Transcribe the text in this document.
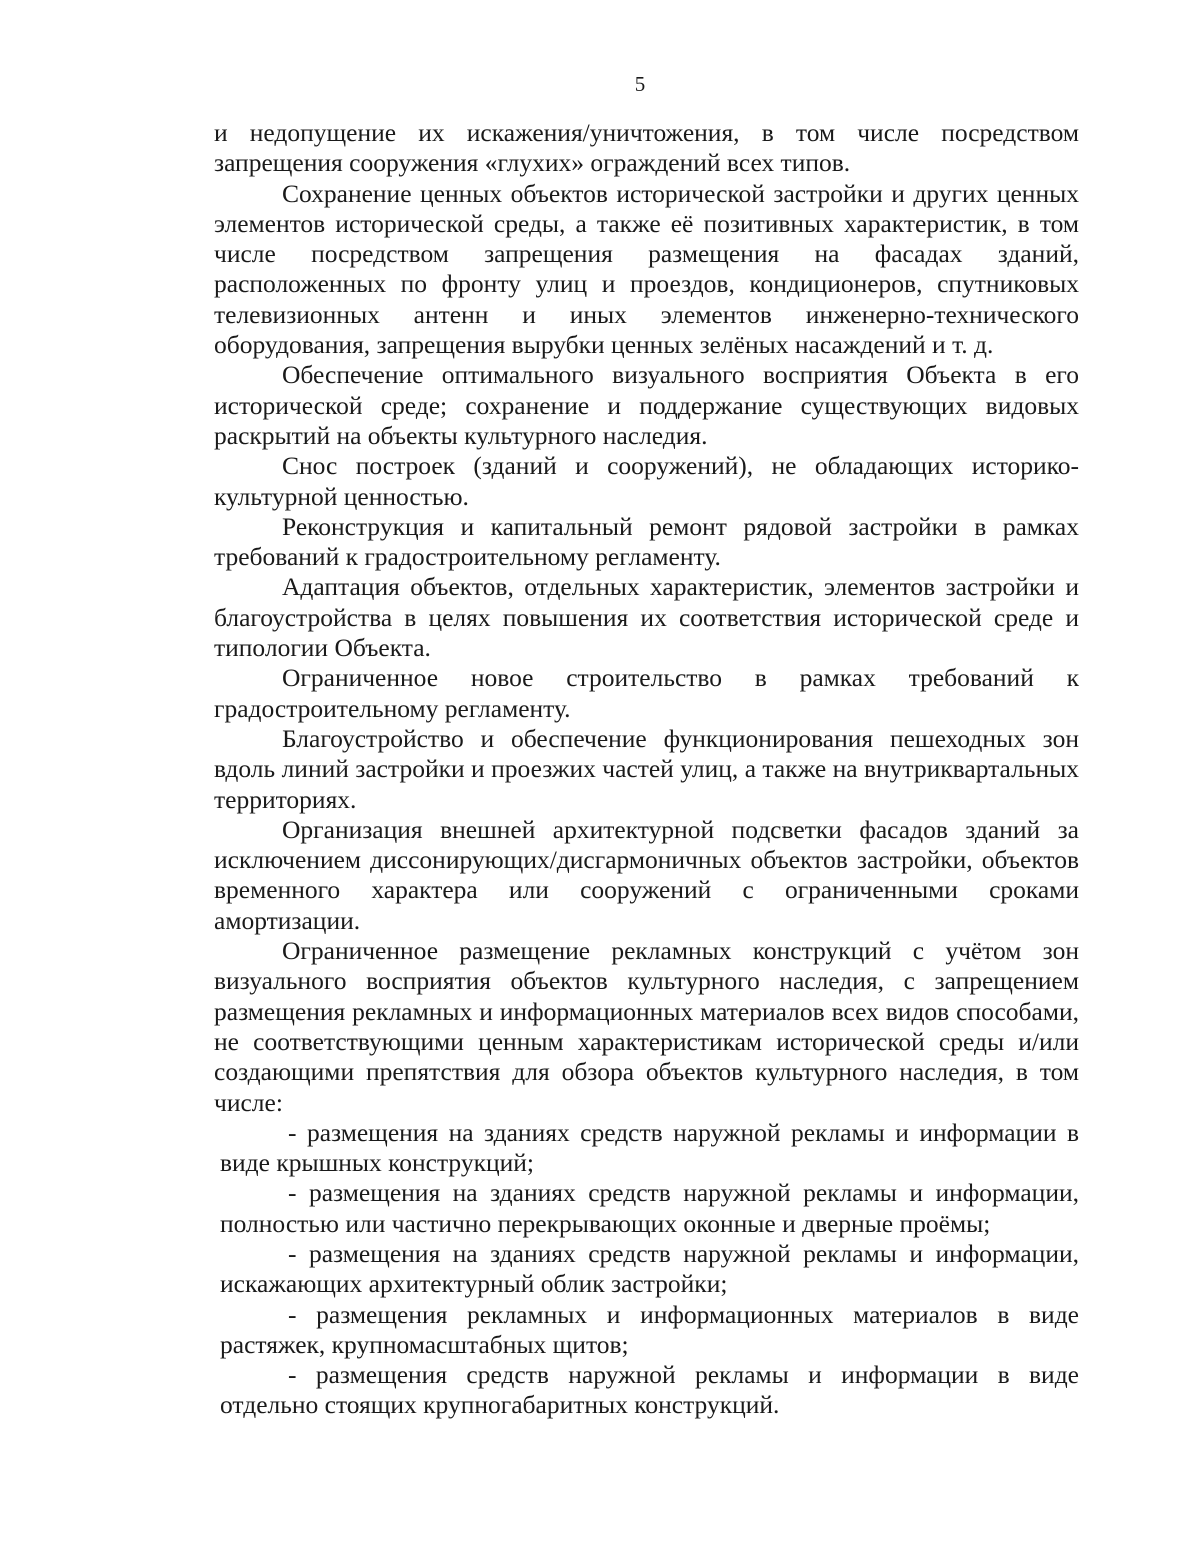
5

и недопущение их искажения/уничтожения, в том числе посредством запрещения сооружения «глухих» ограждений всех типов.

Сохранение ценных объектов исторической застройки и других ценных элементов исторической среды, а также её позитивных характеристик, в том числе посредством запрещения размещения на фасадах зданий, расположенных по фронту улиц и проездов, кондиционеров, спутниковых телевизионных антенн и иных элементов инженерно-технического оборудования, запрещения вырубки ценных зелёных насаждений и т. д.

Обеспечение оптимального визуального восприятия Объекта в его исторической среде; сохранение и поддержание существующих видовых раскрытий на объекты культурного наследия.

Снос построек (зданий и сооружений), не обладающих историко-культурной ценностью.

Реконструкция и капитальный ремонт рядовой застройки в рамках требований к градостроительному регламенту.

Адаптация объектов, отдельных характеристик, элементов застройки и благоустройства в целях повышения их соответствия исторической среде и типологии Объекта.

Ограниченное новое строительство в рамках требований к градостроительному регламенту.

Благоустройство и обеспечение функционирования пешеходных зон вдоль линий застройки и проезжих частей улиц, а также на внутриквартальных территориях.

Организация внешней архитектурной подсветки фасадов зданий за исключением диссонирующих/дисгармоничных объектов застройки, объектов временного характера или сооружений с ограниченными сроками амортизации.

Ограниченное размещение рекламных конструкций с учётом зон визуального восприятия объектов культурного наследия, с запрещением размещения рекламных и информационных материалов всех видов способами, не соответствующими ценным характеристикам исторической среды и/или создающими препятствия для обзора объектов культурного наследия, в том числе:

- размещения на зданиях средств наружной рекламы и информации в виде крышных конструкций;

- размещения на зданиях средств наружной рекламы и информации, полностью или частично перекрывающих оконные и дверные проёмы;

- размещения на зданиях средств наружной рекламы и информации, искажающих архитектурный облик застройки;

- размещения рекламных и информационных материалов в виде растяжек, крупномасштабных щитов;

- размещения средств наружной рекламы и информации в виде отдельно стоящих крупногабаритных конструкций.
